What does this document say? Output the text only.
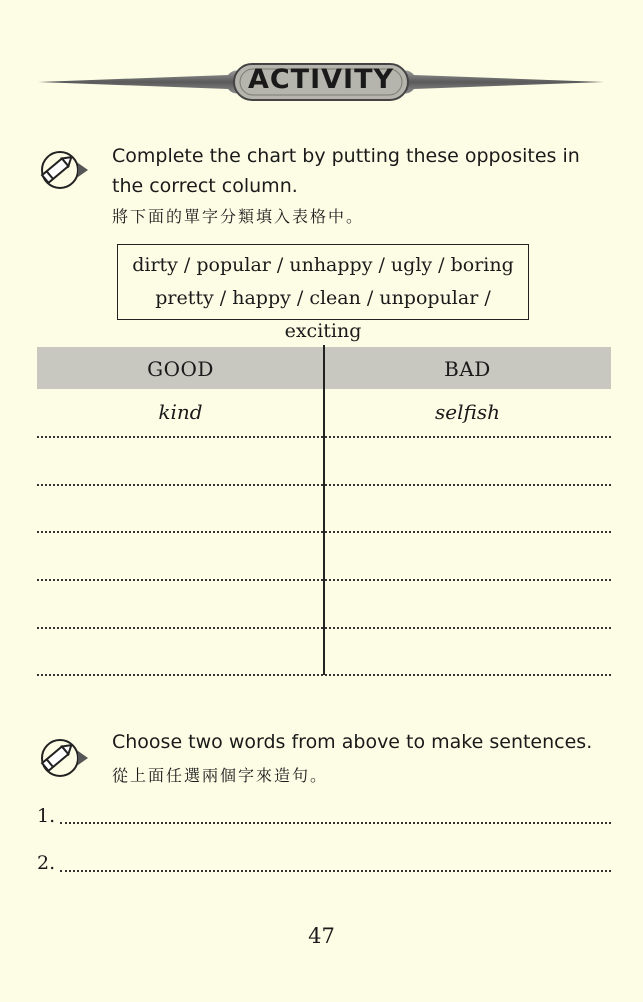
ACTIVITY
Complete the chart by putting these opposites in
the correct column.
將下面的單字分類填入表格中。
dirty / popular / unhappy / ugly / boring
pretty / happy / clean / unpopular / exciting
GOOD	BAD
kind	selfish
Choose two words from above to make sentences.
從上面任選兩個字來造句。
1.
2.
47
